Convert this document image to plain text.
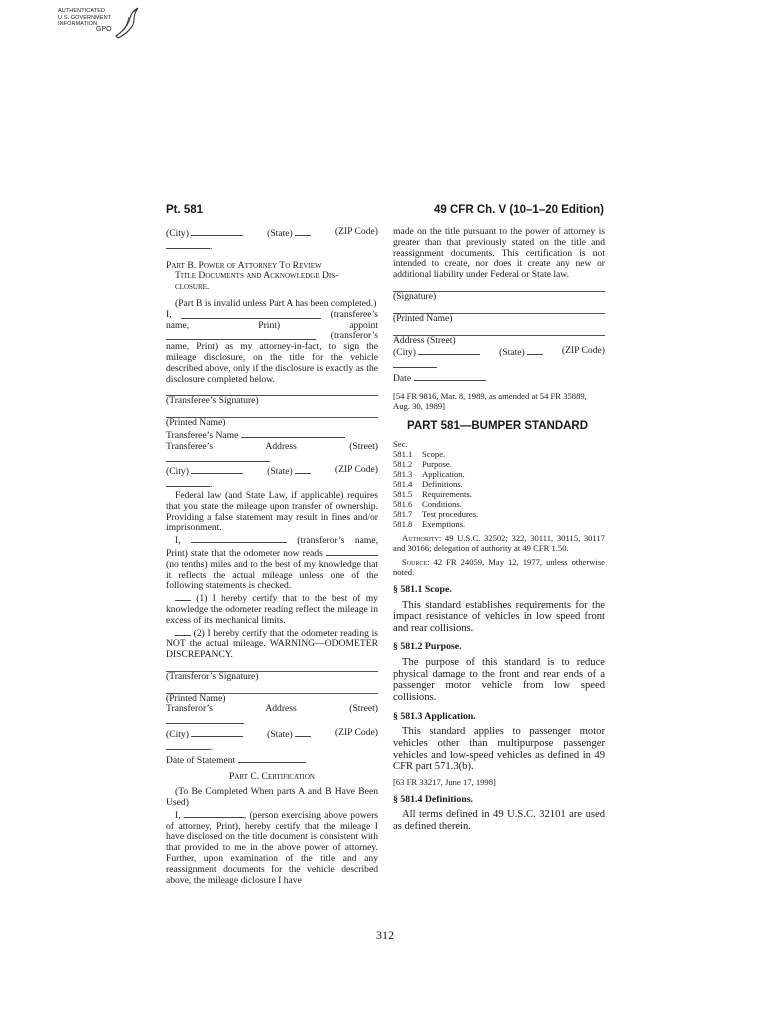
AUTHENTICATED
U.S. GOVERNMENT
INFORMATION
GPO
Pt. 581	49 CFR Ch. V (10–1–20 Edition)
(City)	(State)	(ZIP Code)
.

Part B. Power of Attorney To Review
Title Documents and Acknowledge Dis-
closure.

(Part B is invalid unless Part A has been completed.)

I,	(transferee’s
name,	Print)	appoint
(transferor’s

name, Print) as my attorney-in-fact, to sign the mileage disclosure, on the title for the vehicle described above, only if the disclosure is exactly as the disclosure completed below.

(Transferee’s Signature)

(Printed Name)

Transferee’s Name

Transferee’s	Address	(Street)
(City)	(State)	(ZIP Code)
.

Federal law (and State Law, if applicable) requires that you state the mileage upon transfer of ownership. Providing a false statement may result in fines and/or imprisonment.

I,	(transferor’s name, Print) state that the odometer now reads  (no tenths) miles and to the best of my knowledge that it reflects the actual mileage unless one of the following statements is checked.

(1) I hereby certify that to the best of my knowledge the odometer reading reflect the mileage in excess of its mechanical limits.

(2) I hereby certify that the odometer reading is NOT the actual mileage. WARNING—ODOMETER DISCREPANCY.

(Transferor’s Signature)

(Printed Name)

Transferor’s	Address	(Street)
(City)	(State)	(ZIP Code)
.

Date of Statement

Part C. Certification

(To Be Completed When parts A and B Have Been Used)

I,	, (person exercising above powers of attorney, Print), hereby certify that the mileage I have disclosed on the title document is consistent with that provided to me in the above power of attorney. Further, upon examination of the title and any reassignment documents for the vehicle described above, the mileage diclosure I have

made on the title pursuant to the power of attorney is greater than that previously stated on the title and reassignment documents. This certification is not intended to create, nor does it create any new or additional liability under Federal or State law.

(Signature)

(Printed Name)

Address (Street)

(City)	(State)	(ZIP Code)

Date

[54 FR 9816, Mar. 8, 1989, as amended at 54 FR 35889, Aug. 30, 1989]

PART 581—BUMPER STANDARD

Sec.
581.1 Scope.
581.2 Purpose.
581.3 Application.
581.4 Definitions.
581.5 Requirements.
581.6 Conditions.
581.7 Test procedures.
581.8 Exemptions.

Authority: 49 U.S.C. 32502; 322, 30111, 30115, 30117 and 30166; delegation of authority at 49 CFR 1.50.

Source: 42 FR 24059, May 12, 1977, unless otherwise noted.

§ 581.1 Scope.

This standard establishes requirements for the impact resistance of vehicles in low speed front and rear collisions.

§ 581.2 Purpose.

The purpose of this standard is to reduce physical damage to the front and rear ends of a passenger motor vehicle from low speed collisions.

§ 581.3 Application.

This standard applies to passenger motor vehicles other than multipurpose passenger vehicles and low-speed vehicles as defined in 49 CFR part 571.3(b).

[63 FR 33217, June 17, 1998]

§ 581.4 Definitions.

All terms defined in 49 U.S.C. 32101 are used as defined therein.

312
